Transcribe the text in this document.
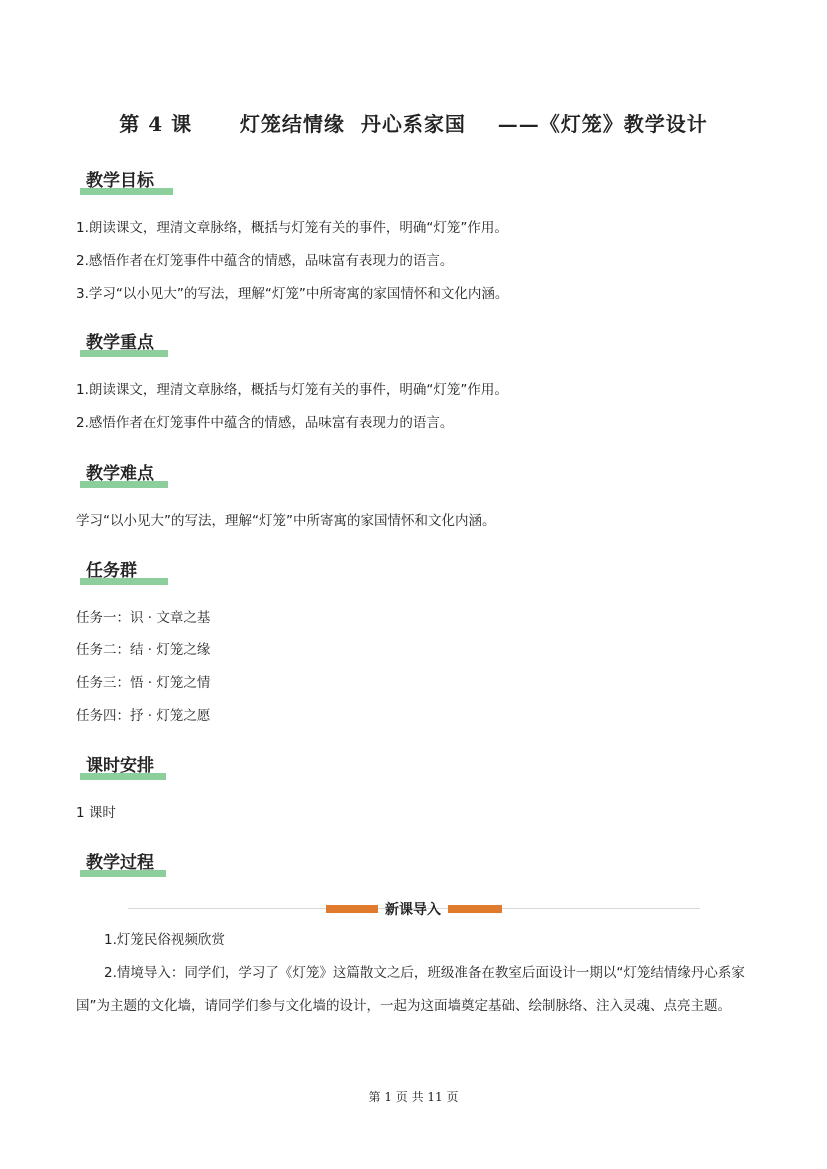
第 4 课      灯笼结情缘  丹心系家国    ——《灯笼》教学设计
教学目标
1.朗读课文，理清文章脉络，概括与灯笼有关的事件，明确“灯笼”作用。
2.感悟作者在灯笼事件中蕴含的情感，品味富有表现力的语言。
3.学习“以小见大”的写法，理解“灯笼”中所寄寓的家国情怀和文化内涵。
教学重点
1.朗读课文，理清文章脉络，概括与灯笼有关的事件，明确“灯笼”作用。
2.感悟作者在灯笼事件中蕴含的情感，品味富有表现力的语言。
教学难点
学习“以小见大”的写法，理解“灯笼”中所寄寓的家国情怀和文化内涵。
任务群
任务一：识 · 文章之基
任务二：结 · 灯笼之缘
任务三：悟 · 灯笼之情
任务四：抒 · 灯笼之愿
课时安排
1 课时
教学过程
新课导入
1.灯笼民俗视频欣赏
2.情境导入：同学们，学习了《灯笼》这篇散文之后，班级准备在教室后面设计一期以“灯笼结情缘丹心系家国”为主题的文化墙，请同学们参与文化墙的设计，一起为这面墙奠定基础、绘制脉络、注入灵魂、点亮主题。
第 1 页 共 11 页
